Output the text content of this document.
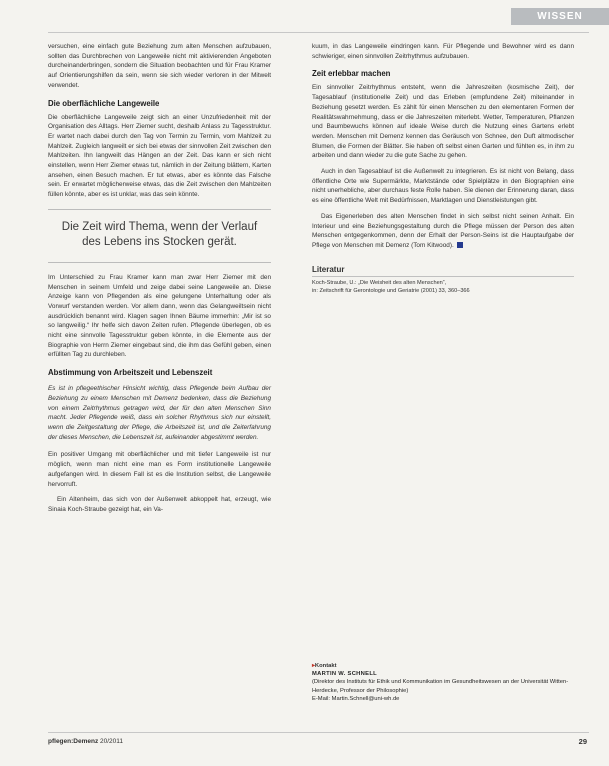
WISSEN

versuchen, eine einfach gute Beziehung zum alten Menschen aufzubauen, sollten das Durchbrechen von Langeweile nicht mit aktivierenden Angeboten durcheinanderbringen, sondern die Situation beobachten und für Frau Kramer auf Orientierungshilfen da sein, wenn sie sich wieder verloren in der Mitwelt verwendet.

Die oberflächliche Langeweile

Die oberflächliche Langeweile zeigt sich an einer Unzufriedenheit mit der Organisation des Alltags. Herr Ziemer sucht, deshalb Anlass zu Tagesstruktur. Er wartet nach dabei durch den Tag von Termin zu Termin, vom Mahlzeit zu Mahlzeit. Zugleich langweilt er sich bei etwas der sinnvollen Zeit zwischen den Mahlzeiten. Ihn langweilt das Hängen an der Zeit. Das kann er sich nicht einstellen, wenn Herr Ziemer etwas tut, nämlich in der Zeitung blättern, Karten ansehen, einen Besuch machen. Er tut etwas, aber es könnte das Falsche sein. Er erwartet möglicherweise etwas, das die Zeit zwischen den Mahlzeiten füllen könnte, aber es ist unklar, was das sein könnte.

Die Zeit wird Thema, wenn der Verlauf des Lebens ins Stocken gerät.

Im Unterschied zu Frau Kramer kann man zwar Herr Ziemer mit den Menschen in seinem Umfeld und zeige dabei seine Langeweile an. Diese Anzeige kann von Pflegenden als eine gelungene Unterhaltung oder als Vorwurf verstanden werden. Vor allem dann, wenn das Gelangweiltsein nicht ausdrücklich benannt wird. Klagen sagen Ihnen Bäume immerhin: „Mir ist so so langweilig.“ Ihr helfe sich davon Zeiten rufen. Pflegende überlegen, ob es nicht eine sinnvolle Tagesstruktur geben könnte, in die Elemente aus der Biographie von Herrn Ziemer eingebaut sind, die ihm das Gefühl geben, einen erfüllten Tag zu durchleben.

Abstimmung von Arbeitszeit und Lebenszeit
Es ist in pflegeethischer Hinsicht wichtig, dass Pflegende beim Aufbau der Beziehung zu einem Menschen mit Demenz bedenken, dass die Beziehung von einem Zeitrhythmus getragen wird, der für den alten Menschen Sinn macht. Jeder Pflegende weiß, dass ein solcher Rhythmus sich nur einstellt, wenn die Zeitgestaltung der Pflege, die Arbeitszeit ist, und die Zeiterfahrung der dieses Menschen, die Lebenszeit ist, aufeinander abgestimmt werden.

Ein positiver Umgang mit oberflächlicher und mit tiefer Langeweile ist nur möglich, wenn man nicht eine man es Form institutionelle Langeweile aufgefangen wird. In diesem Fall ist es die Institution selbst, die Langeweile hervorruft.

Ein Altenheim, das sich von der Außenwelt abkoppelt hat, erzeugt, wie Sinaia Koch-Straube gezeigt hat, ein Va-

kuum, in das Langeweile eindringen kann. Für Pflegende und Bewohner wird es dann schwieriger, einen sinnvollen Zeitrhythmus aufzubauen.

Zeit erlebbar machen

Ein sinnvoller Zeitrhythmus entsteht, wenn die Jahreszeiten (kosmische Zeit), der Tagesablauf (institutionelle Zeit) und das Erleben (empfundene Zeit) miteinander in Beziehung gesetzt werden. Es zählt für einen Menschen zu den elementaren Formen der Realitätswahrnehmung, dass er die Jahreszeiten miterlebt. Wetter, Temperaturen, Pflanzen und Baumbewuchs können auf ideale Weise durch die Nutzung eines Gartens erlebt werden. Menschen mit Demenz kennen das Geräusch von Schnee, den Duft altmodischer Blumen, die Formen der Blätter. Sie haben oft selbst einen Garten und fühlten es, in ihm zu arbeiten und dann wieder zu die gute Sache zu gehen.

Auch in den Tagesablauf ist die Außenwelt zu integrieren. Es ist nicht von Belang, dass öffentliche Orte wie Supermärkte, Marktstände oder Spielplätze in den Biographien eine nicht unerhebliche, aber durchaus feste Rolle haben. Sie dienen der Erinnerung daran, dass es eine öffentliche Welt mit Bedürfnissen, Marktlagen und Dienstleistungen gibt.

Das Eigenerleben des alten Menschen findet in sich selbst nicht seinen Anhalt. Ein Interieur und eine Beziehungsgestaltung durch die Pflege müssen der Person des alten Menschen entgegenkommen, denn der Erhalt der Person-Seins ist die Hauptaufgabe der Pflege von Menschen mit Demenz (Tom Kitwood).

Literatur

Koch-Straube, U.: „Die Weisheit des alten Menschen“,

in: Zeitschrift für Gerontologie und Geriatrie (2001) 33, 360–366

▸ Kontakt
MARTIN W. SCHNELL
(Direktor des Instituts für Ethik und Kommunikation im Gesundheitswesen an der Universität Witten-Herdecke, Professor der Philosophie)
E-Mail: Martin.Schnell@uni-wh.de
pflegen:Demenz 20/2011	29
